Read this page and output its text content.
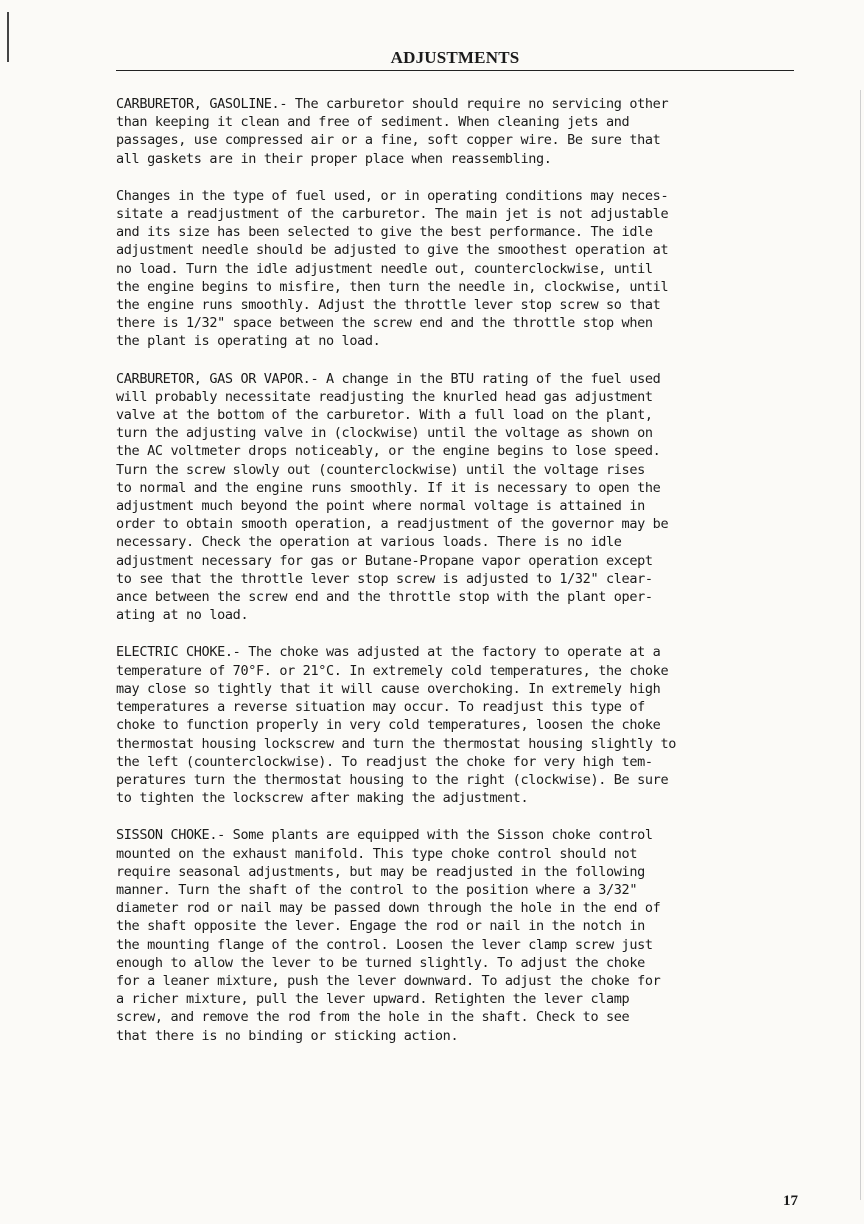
ADJUSTMENTS

CARBURETOR, GASOLINE.- The carburetor should require no servicing other
than keeping it clean and free of sediment. When cleaning jets and
passages, use compressed air or a fine, soft copper wire. Be sure that
all gaskets are in their proper place when reassembling.

Changes in the type of fuel used, or in operating conditions may neces-
sitate a readjustment of the carburetor. The main jet is not adjustable
and its size has been selected to give the best performance. The idle
adjustment needle should be adjusted to give the smoothest operation at
no load. Turn the idle adjustment needle out, counterclockwise, until
the engine begins to misfire, then turn the needle in, clockwise, until
the engine runs smoothly. Adjust the throttle lever stop screw so that
there is 1/32" space between the screw end and the throttle stop when
the plant is operating at no load.

CARBURETOR, GAS OR VAPOR.- A change in the BTU rating of the fuel used
will probably necessitate readjusting the knurled head gas adjustment
valve at the bottom of the carburetor. With a full load on the plant,
turn the adjusting valve in (clockwise) until the voltage as shown on
the AC voltmeter drops noticeably, or the engine begins to lose speed.
Turn the screw slowly out (counterclockwise) until the voltage rises
to normal and the engine runs smoothly. If it is necessary to open the
adjustment much beyond the point where normal voltage is attained in
order to obtain smooth operation, a readjustment of the governor may be
necessary. Check the operation at various loads. There is no idle
adjustment necessary for gas or Butane-Propane vapor operation except
to see that the throttle lever stop screw is adjusted to 1/32" clear-
ance between the screw end and the throttle stop with the plant oper-
ating at no load.

ELECTRIC CHOKE.- The choke was adjusted at the factory to operate at a
temperature of 70°F. or 21°C. In extremely cold temperatures, the choke
may close so tightly that it will cause overchoking. In extremely high
temperatures a reverse situation may occur. To readjust this type of
choke to function properly in very cold temperatures, loosen the choke
thermostat housing lockscrew and turn the thermostat housing slightly to
the left (counterclockwise). To readjust the choke for very high tem-
peratures turn the thermostat housing to the right (clockwise). Be sure
to tighten the lockscrew after making the adjustment.

SISSON CHOKE.- Some plants are equipped with the Sisson choke control
mounted on the exhaust manifold. This type choke control should not
require seasonal adjustments, but may be readjusted in the following
manner. Turn the shaft of the control to the position where a 3/32"
diameter rod or nail may be passed down through the hole in the end of
the shaft opposite the lever. Engage the rod or nail in the notch in
the mounting flange of the control. Loosen the lever clamp screw just
enough to allow the lever to be turned slightly. To adjust the choke
for a leaner mixture, push the lever downward. To adjust the choke for
a richer mixture, pull the lever upward. Retighten the lever clamp
screw, and remove the rod from the hole in the shaft. Check to see
that there is no binding or sticking action.

17
